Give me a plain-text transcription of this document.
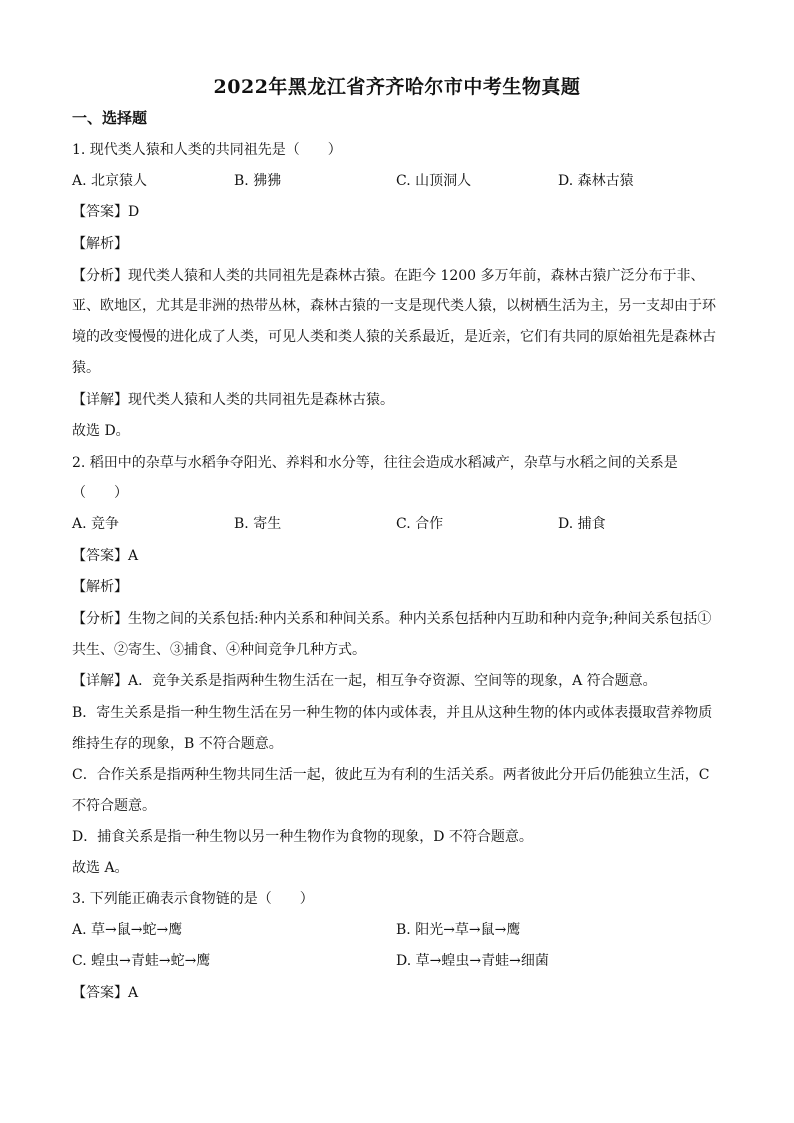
2022年黑龙江省齐齐哈尔市中考生物真题
一、选择题
1. 现代类人猿和人类的共同祖先是（　　）
A. 北京猿人	B. 狒狒	C. 山顶洞人	D. 森林古猿
【答案】D
【解析】
【分析】现代类人猿和人类的共同祖先是森林古猿。在距今 1200 多万年前，森林古猿广泛分布于非、
亚、欧地区，尤其是非洲的热带丛林，森林古猿的一支是现代类人猿，以树栖生活为主，另一支却由于环
境的改变慢慢的进化成了人类，可见人类和类人猿的关系最近，是近亲，它们有共同的原始祖先是森林古
猿。
【详解】现代类人猿和人类的共同祖先是森林古猿。
故选 D。
2. 稻田中的杂草与水稻争夺阳光、养料和水分等，往往会造成水稻减产，杂草与水稻之间的关系是
（　　）
A. 竞争	B. 寄生	C. 合作	D. 捕食
【答案】A
【解析】
【分析】生物之间的关系包括:种内关系和种间关系。种内关系包括种内互助和种内竞争;种间关系包括①
共生、②寄生、③捕食、④种间竞争几种方式。
【详解】A．竞争关系是指两种生物生活在一起，相互争夺资源、空间等的现象，A 符合题意。
B．寄生关系是指一种生物生活在另一种生物的体内或体表，并且从这种生物的体内或体表摄取营养物质
维持生存的现象，B 不符合题意。
C．合作关系是指两种生物共同生活一起，彼此互为有利的生活关系。两者彼此分开后仍能独立生活，C
不符合题意。
D．捕食关系是指一种生物以另一种生物作为食物的现象，D 不符合题意。
故选 A。
3. 下列能正确表示食物链的是（　　）
A. 草→鼠→蛇→鹰	B. 阳光→草→鼠→鹰
C. 蝗虫→青蛙→蛇→鹰	D. 草→蝗虫→青蛙→细菌
【答案】A
